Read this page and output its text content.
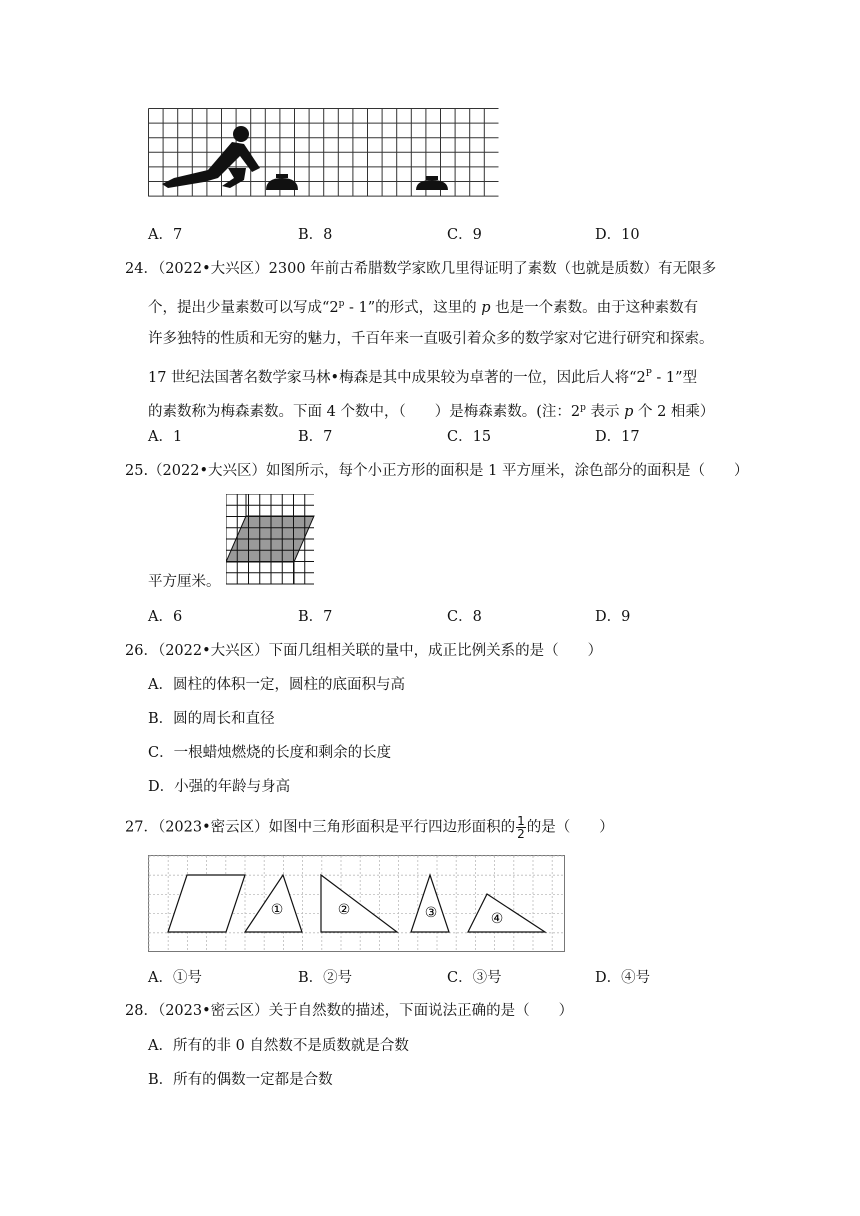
A．7	B．8	C．9	D．10
24．（2022•大兴区）2300 年前古希腊数学家欧几里得证明了素数（也就是质数）有无限多
个，提出少量素数可以写成“2$^p$ - 1”的形式，这里的 p 也是一个素数。由于这种素数有
许多独特的性质和无穷的魅力，千百年来一直吸引着众多的数学家对它进行研究和探索。
17 世纪法国著名数学家马林•梅森是其中成果较为卓著的一位，因此后人将“$2^P - 1$”型
的素数称为梅森素数。下面 4 个数中，（　　）是梅森素数。(注：2$^p$ 表示 p 个 2 相乘）
A．1	B．7	C．15	D．17
25.（2022•大兴区）如图所示，每个小正方形的面积是 1 平方厘米，涂色部分的面积是（　　）
平方厘米。
A．6	B．7	C．8	D．9
26．（2022•大兴区）下面几组相关联的量中，成正比例关系的是（　　）
A．圆柱的体积一定，圆柱的底面积与高
B．圆的周长和直径
C．一根蜡烛燃烧的长度和剩余的长度
D．小强的年龄与身高
27．（2023•密云区）如图中三角形面积是平行四边形面积的 $\frac{1}{2}$ 的是（　　）
①	②	③	④
A．①号	B．②号	C．③号	D．④号
28．（2023•密云区）关于自然数的描述，下面说法正确的是（　　）
A．所有的非 0 自然数不是质数就是合数
B．所有的偶数一定都是合数
